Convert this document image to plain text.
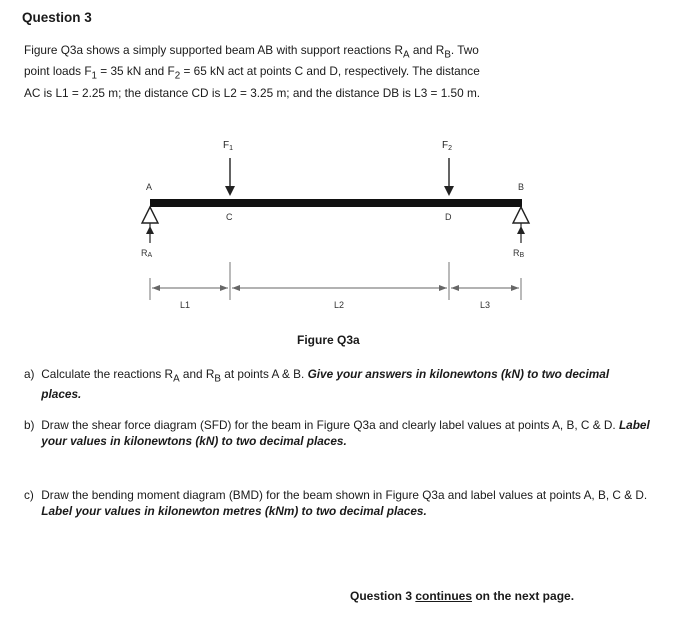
Question 3
Figure Q3a shows a simply supported beam AB with support reactions $R_A$ and $R_B$. Two
point loads $F_1 = 35$ kN and $F_2 = 65$ kN act at points C and D, respectively. The distance
AC is L1 = 2.25 m; the distance CD is L2 = 3.25 m; and the distance DB is L3 = 1.50 m.
$F_1$	$F_2$
A	B
C	D
RA	RB
L1	L2	L3
Figure Q3a
a) Calculate the reactions $R_A$ and $R_B$ at points A & B. Give your answers in kilonewtons (kN) to two decimal places.
b) Draw the shear force diagram (SFD) for the beam in Figure Q3a and clearly label values at points A, B, C & D. Label your values in kilonewtons (kN) to two decimal places.
c) Draw the bending moment diagram (BMD) for the beam shown in Figure Q3a and label values at points A, B, C & D. Label your values in kilonewton metres (kNm) to two decimal places.
Question 3 continues on the next page.
